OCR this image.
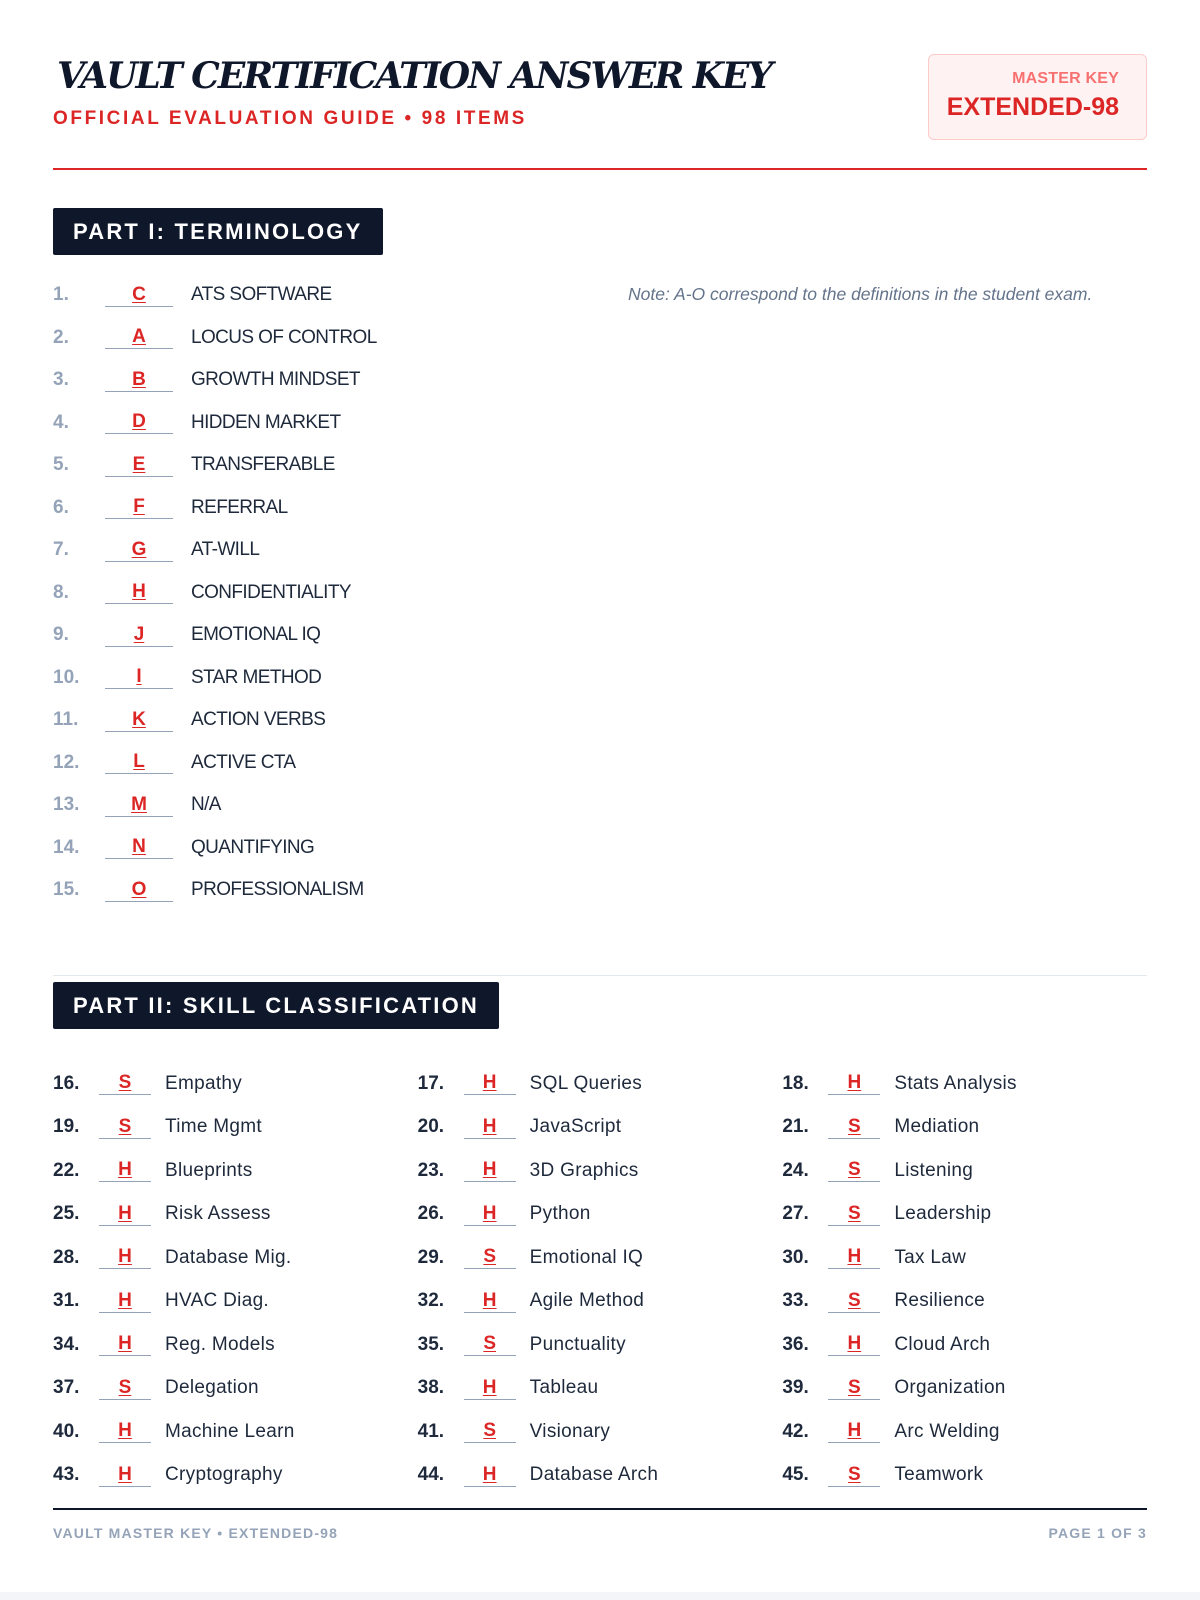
VAULT CERTIFICATION ANSWER KEY
OFFICIAL EVALUATION GUIDE • 98 ITEMS
MASTER KEY
EXTENDED-98
PART I: TERMINOLOGY
1.	C	ATS SOFTWARE
2.	A	LOCUS OF CONTROL
3.	B	GROWTH MINDSET
4.	D	HIDDEN MARKET
5.	E	TRANSFERABLE
6.	F	REFERRAL
7.	G	AT-WILL
8.	H	CONFIDENTIALITY
9.	J	EMOTIONAL IQ
10.	I	STAR METHOD
11.	K	ACTION VERBS
12.	L	ACTIVE CTA
13.	M	N/A
14.	N	QUANTIFYING
15.	O	PROFESSIONALISM
Note: A-O correspond to the definitions in the student exam.
PART II: SKILL CLASSIFICATION
16.	S	Empathy	17.	H	SQL Queries	18.	H	Stats Analysis
19.	S	Time Mgmt	20.	H	JavaScript	21.	S	Mediation
22.	H	Blueprints	23.	H	3D Graphics	24.	S	Listening
25.	H	Risk Assess	26.	H	Python	27.	S	Leadership
28.	H	Database Mig.	29.	S	Emotional IQ	30.	H	Tax Law
31.	H	HVAC Diag.	32.	H	Agile Method	33.	S	Resilience
34.	H	Reg. Models	35.	S	Punctuality	36.	H	Cloud Arch
37.	S	Delegation	38.	H	Tableau	39.	S	Organization
40.	H	Machine Learn	41.	S	Visionary	42.	H	Arc Welding
43.	H	Cryptography	44.	H	Database Arch	45.	S	Teamwork
VAULT MASTER KEY • EXTENDED-98	PAGE 1 OF 3
